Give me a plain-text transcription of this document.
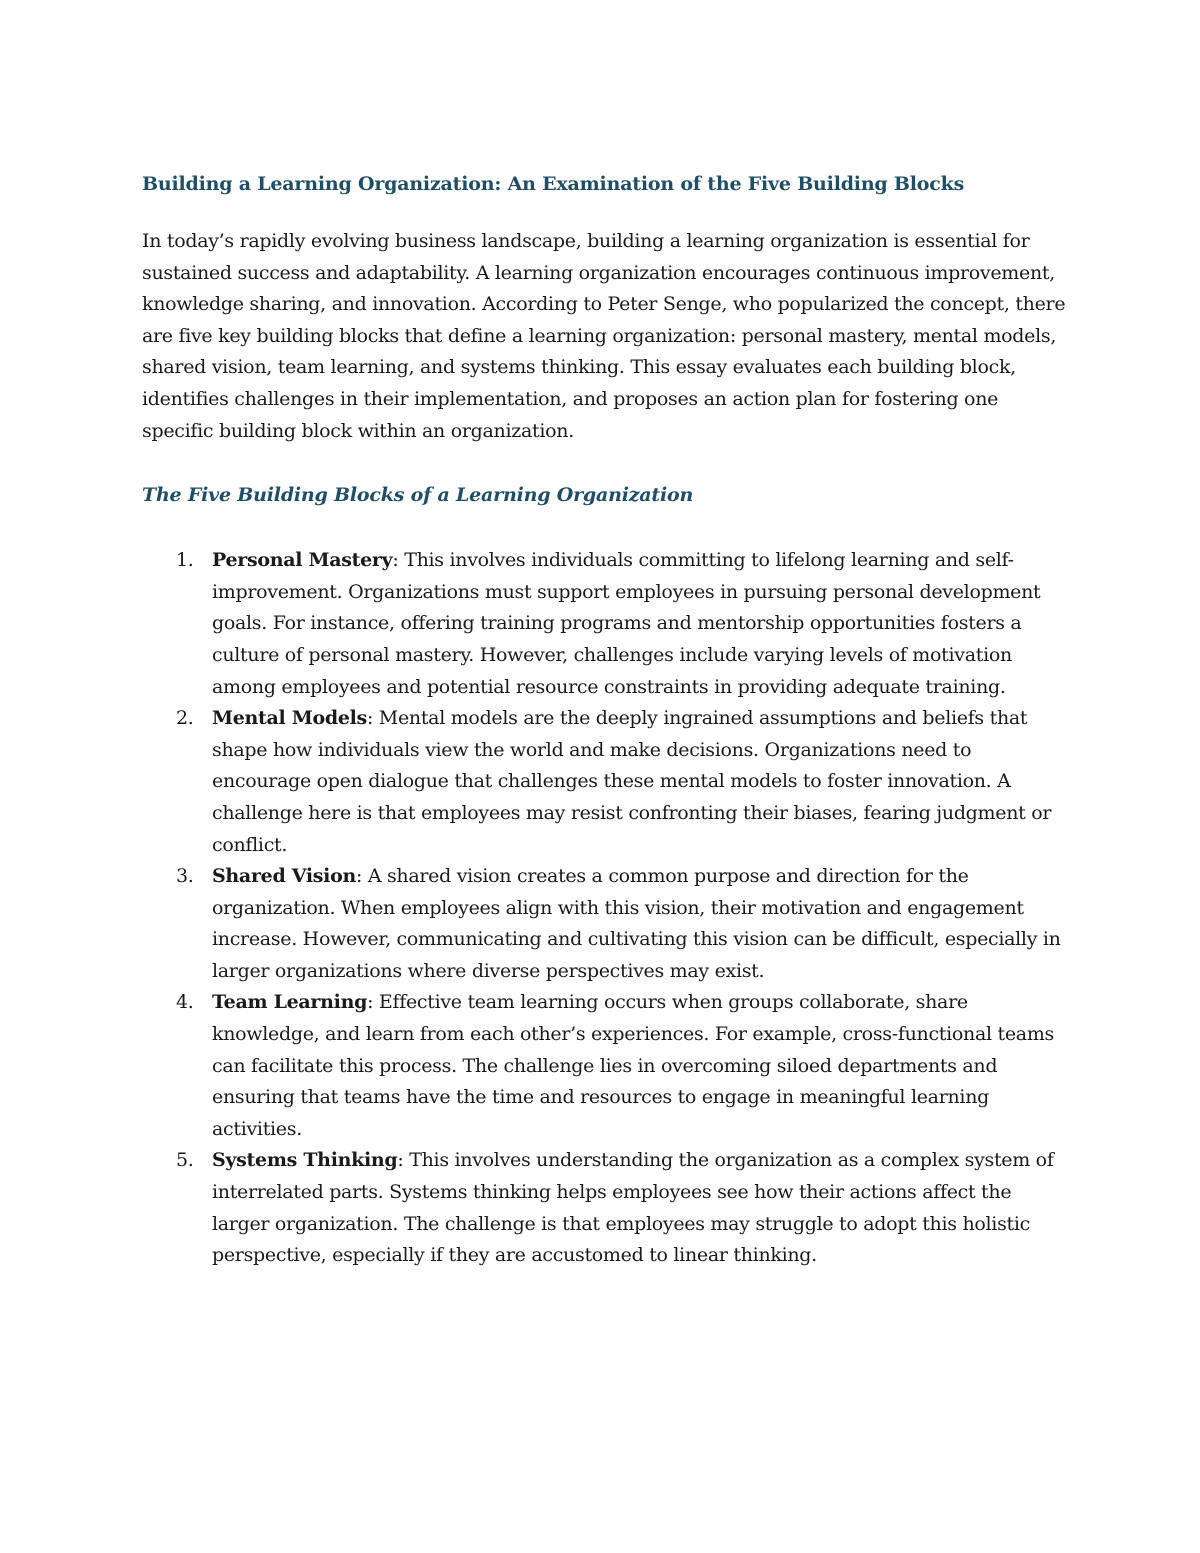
Building a Learning Organization: An Examination of the Five Building Blocks

In today’s rapidly evolving business landscape, building a learning organization is essential for sustained success and adaptability. A learning organization encourages continuous improvement, knowledge sharing, and innovation. According to Peter Senge, who popularized the concept, there are five key building blocks that define a learning organization: personal mastery, mental models, shared vision, team learning, and systems thinking. This essay evaluates each building block, identifies challenges in their implementation, and proposes an action plan for fostering one specific building block within an organization.

The Five Building Blocks of a Learning Organization
1. Personal Mastery: This involves individuals committing to lifelong learning and self-improvement. Organizations must support employees in pursuing personal development goals. For instance, offering training programs and mentorship opportunities fosters a culture of personal mastery. However, challenges include varying levels of motivation among employees and potential resource constraints in providing adequate training.
2. Mental Models: Mental models are the deeply ingrained assumptions and beliefs that shape how individuals view the world and make decisions. Organizations need to encourage open dialogue that challenges these mental models to foster innovation. A challenge here is that employees may resist confronting their biases, fearing judgment or conflict.
3. Shared Vision: A shared vision creates a common purpose and direction for the organization. When employees align with this vision, their motivation and engagement increase. However, communicating and cultivating this vision can be difficult, especially in larger organizations where diverse perspectives may exist.
4. Team Learning: Effective team learning occurs when groups collaborate, share knowledge, and learn from each other’s experiences. For example, cross-functional teams can facilitate this process. The challenge lies in overcoming siloed departments and ensuring that teams have the time and resources to engage in meaningful learning activities.
5. Systems Thinking: This involves understanding the organization as a complex system of interrelated parts. Systems thinking helps employees see how their actions affect the larger organization. The challenge is that employees may struggle to adopt this holistic perspective, especially if they are accustomed to linear thinking.
